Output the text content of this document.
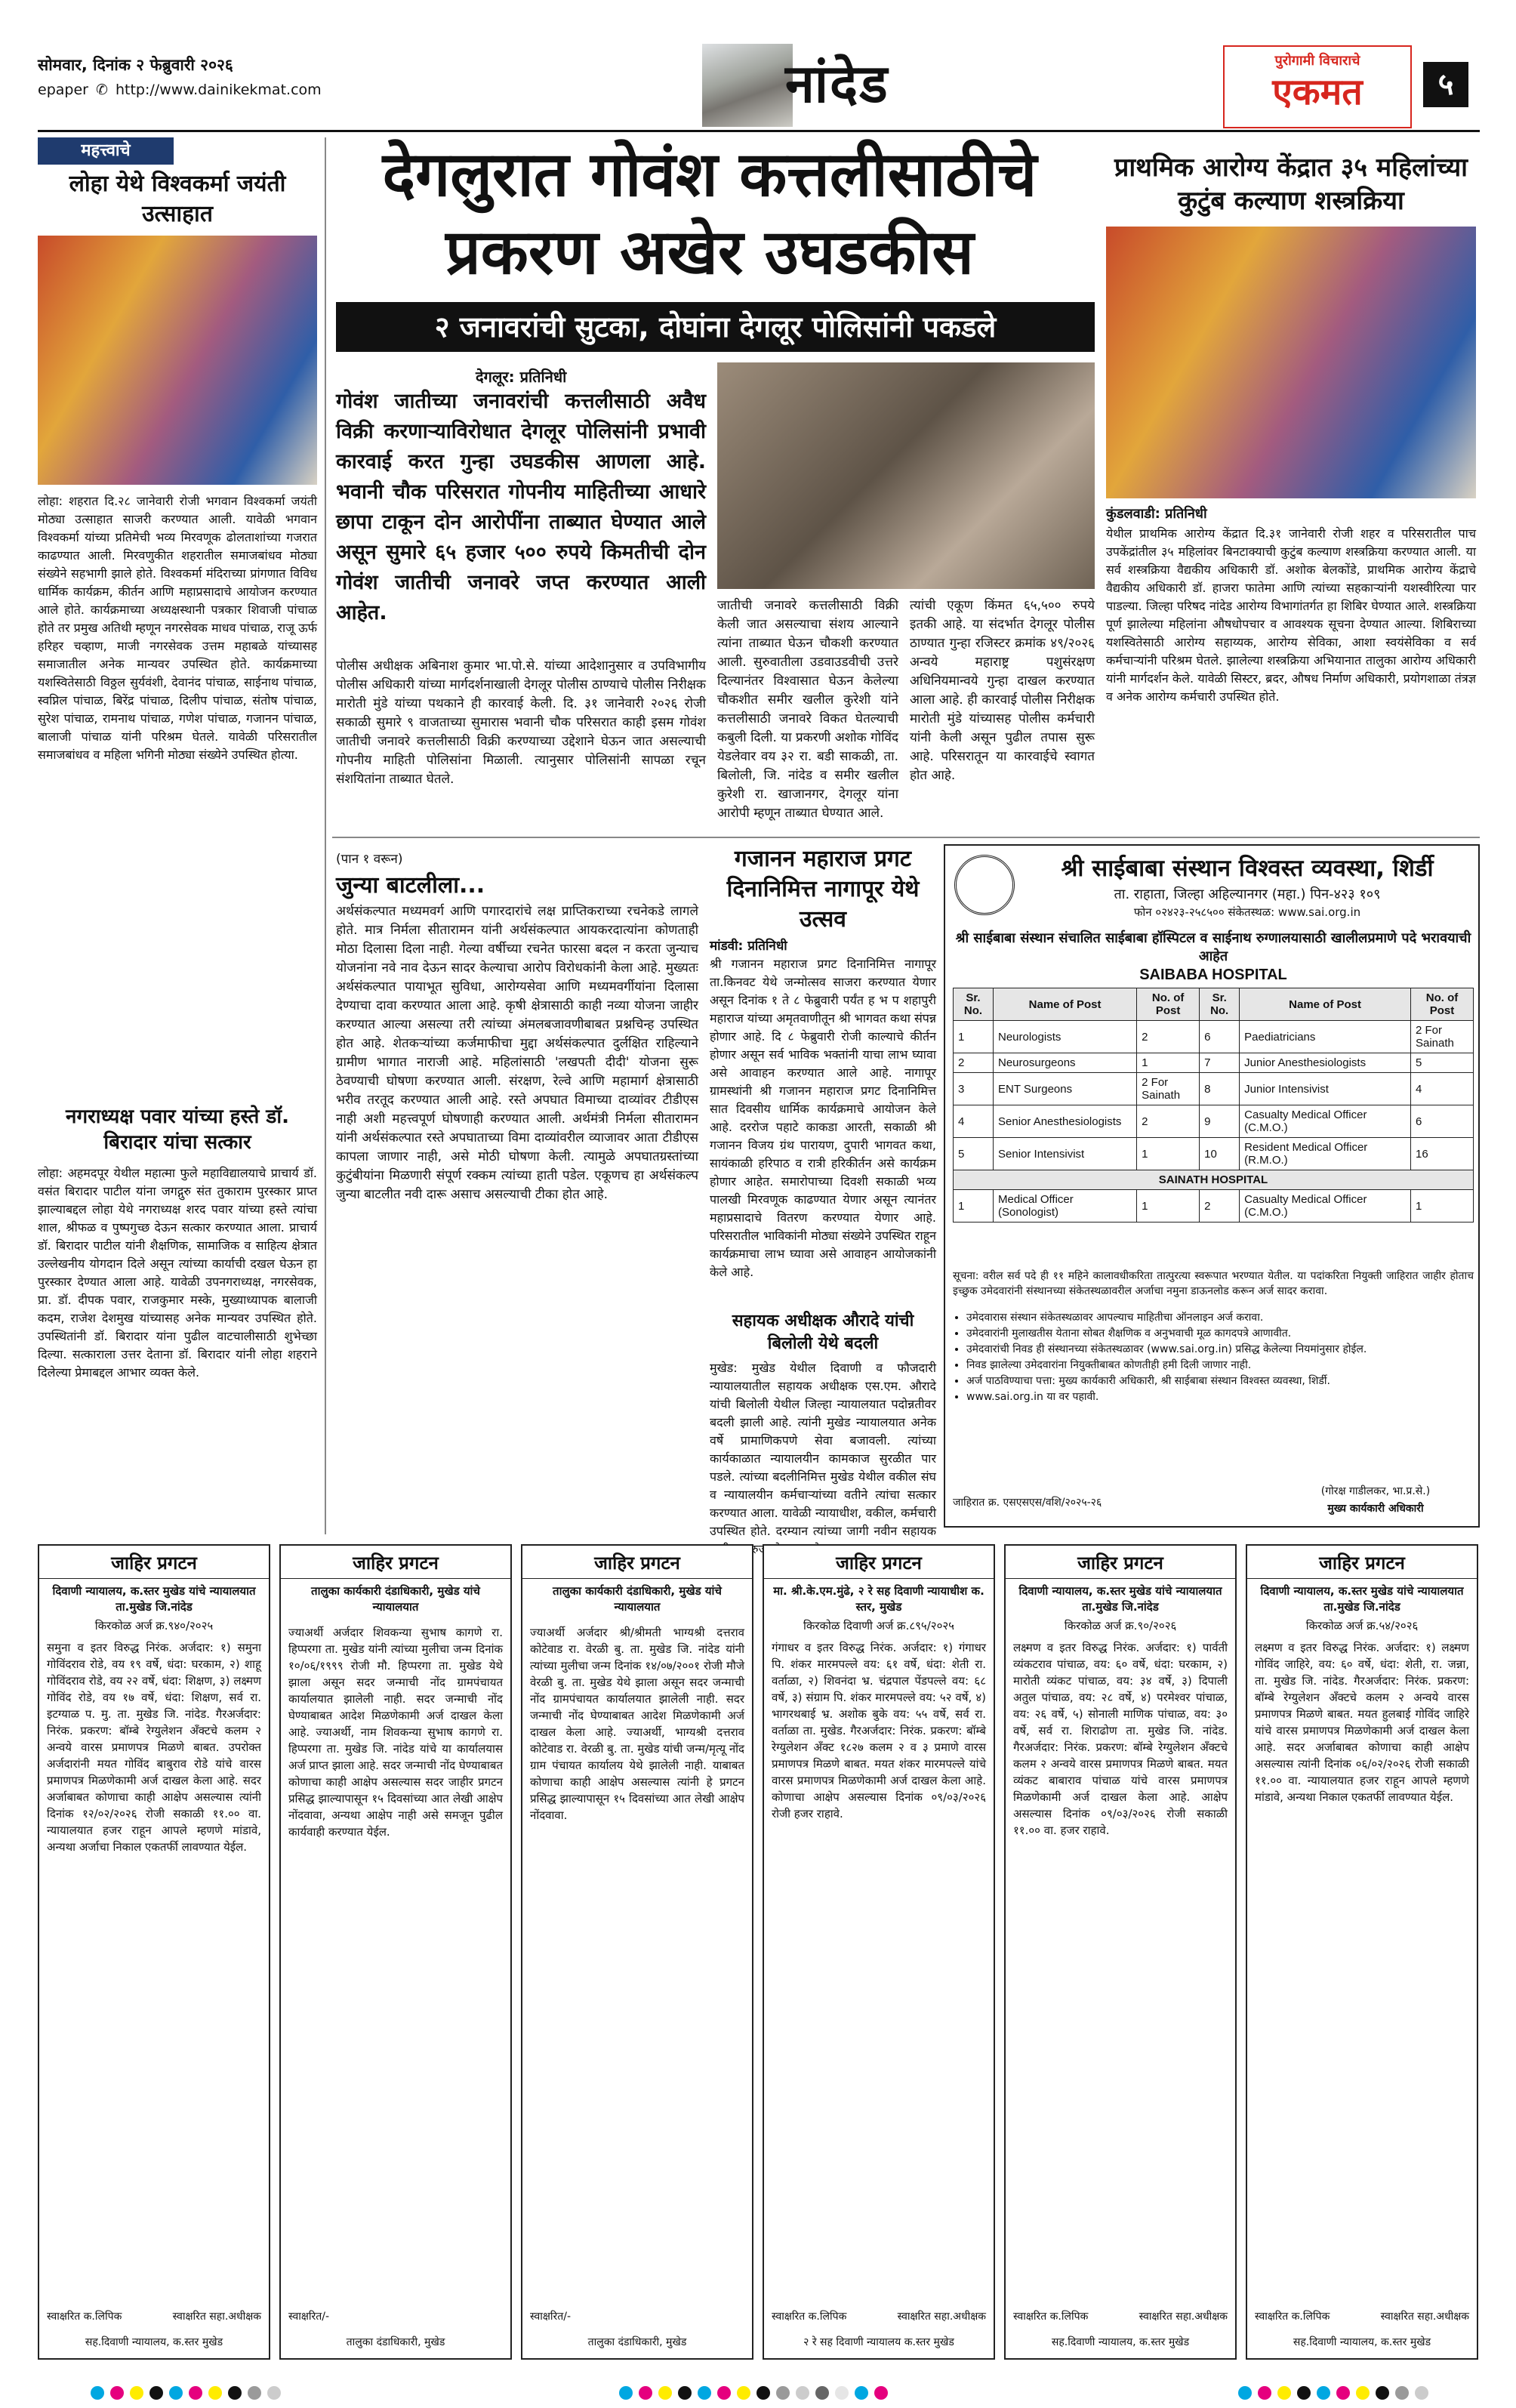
सोमवार, दिनांक २ फेब्रुवारी २०२६
epaper ✆ http://www.dainikekmat.com	नांदेड	पुरोगामी विचाराचे
एकमत	५
महत्त्वाचे
लोहा येथे विश्वकर्मा जयंती उत्साहात
लोहा: शहरात दि.२८ जानेवारी रोजी भगवान विश्वकर्मा जयंती मोठ्या उत्साहात साजरी करण्यात आली. यावेळी भगवान विश्वकर्मा यांच्या प्रतिमेची भव्य मिरवणूक ढोलताशांच्या गजरात काढण्यात आली. मिरवणुकीत शहरातील समाजबांधव मोठ्या संख्येने सहभागी झाले होते. विश्वकर्मा मंदिराच्या प्रांगणात विविध धार्मिक कार्यक्रम, कीर्तन आणि महाप्रसादाचे आयोजन करण्यात आले होते. कार्यक्रमाच्या अध्यक्षस्थानी पत्रकार शिवाजी पांचाळ होते तर प्रमुख अतिथी म्हणून नगरसेवक माधव पांचाळ, राजू ऊर्फ हरिहर चव्हाण, माजी नगरसेवक उत्तम महाबळे यांच्यासह समाजातील अनेक मान्यवर उपस्थित होते. कार्यक्रमाच्या यशस्वितेसाठी विठ्ठल सुर्यवंशी, देवानंद पांचाळ, साईनाथ पांचाळ, स्वप्निल पांचाळ, बिरेंद्र पांचाळ, दिलीप पांचाळ, संतोष पांचाळ, सुरेश पांचाळ, रामनाथ पांचाळ, गणेश पांचाळ, गजानन पांचाळ, बालाजी पांचाळ यांनी परिश्रम घेतले. यावेळी परिसरातील समाजबांधव व महिला भगिनी मोठ्या संख्येने उपस्थित होत्या.
नगराध्यक्ष पवार यांच्या हस्ते डॉ. बिरादार यांचा सत्कार
लोहा: अहमदपूर येथील महात्मा फुले महाविद्यालयाचे प्राचार्य डॉ. वसंत बिरादार पाटील यांना जगद्गुरु संत तुकाराम पुरस्कार प्राप्त झाल्याबद्दल लोहा येथे नगराध्यक्ष शरद पवार यांच्या हस्ते त्यांचा शाल, श्रीफळ व पुष्पगुच्छ देऊन सत्कार करण्यात आला. प्राचार्य डॉ. बिरादार पाटील यांनी शैक्षणिक, सामाजिक व साहित्य क्षेत्रात उल्लेखनीय योगदान दिले असून त्यांच्या कार्याची दखल घेऊन हा पुरस्कार देण्यात आला आहे. यावेळी उपनगराध्यक्ष, नगरसेवक, प्रा. डॉ. दीपक पवार, राजकुमार मस्के, मुख्याध्यापक बालाजी कदम, राजेश देशमुख यांच्यासह अनेक मान्यवर उपस्थित होते. उपस्थितांनी डॉ. बिरादार यांना पुढील वाटचालीसाठी शुभेच्छा दिल्या. सत्काराला उत्तर देताना डॉ. बिरादार यांनी लोहा शहराने दिलेल्या प्रेमाबद्दल आभार व्यक्त केले.
देगलुरात गोवंश कत्तलीसाठीचे
प्रकरण अखेर उघडकीस
२ जनावरांची सुटका, दोघांना देगलूर पोलिसांनी पकडले
देगलूर: प्रतिनिधी
गोवंश जातीच्या जनावरांची कत्तलीसाठी अवैध विक्री करणाऱ्याविरोधात देगलूर पोलिसांनी प्रभावी कारवाई करत गुन्हा उघडकीस आणला आहे. भवानी चौक परिसरात गोपनीय माहितीच्या आधारे छापा टाकून दोन आरोपींना ताब्यात घेण्यात आले असून सुमारे ६५ हजार ५०० रुपये किमतीची दोन गोवंश जातीची जनावरे जप्त करण्यात आली आहेत.
पोलीस अधीक्षक अबिनाश कुमार भा.पो.से. यांच्या आदेशानुसार व उपविभागीय पोलीस अधिकारी यांच्या मार्गदर्शनाखाली देगलूर पोलीस ठाण्याचे पोलीस निरीक्षक मारोती मुंडे यांच्या पथकाने ही कारवाई केली. दि. ३१ जानेवारी २०२६ रोजी सकाळी सुमारे ९ वाजताच्या सुमारास भवानी चौक परिसरात काही इसम गोवंश जातीची जनावरे कत्तलीसाठी विक्री करण्याच्या उद्देशाने घेऊन जात असल्याची गोपनीय माहिती पोलिसांना मिळाली. त्यानुसार पोलिसांनी सापळा रचून संशयितांना ताब्यात घेतले.
जातीची जनावरे कत्तलीसाठी विक्री केली जात असल्याचा संशय आल्याने त्यांना ताब्यात घेऊन चौकशी करण्यात आली. सुरुवातीला उडवाउडवीची उत्तरे दिल्यानंतर विश्वासात घेऊन केलेल्या चौकशीत समीर खलील कुरेशी यांने कत्तलीसाठी जनावरे विकत घेतल्याची कबुली दिली. या प्रकरणी अशोक गोविंद येडलेवार वय ३२ रा. बडी साकळी, ता. बिलोली, जि. नांदेड व समीर खलील कुरेशी रा. खाजानगर, देगलूर यांना आरोपी म्हणून ताब्यात घेण्यात आले.
त्यांची एकूण किंमत ६५,५०० रुपये इतकी आहे. या संदर्भात देगलूर पोलीस ठाण्यात गुन्हा रजिस्टर क्रमांक ४९/२०२६ अन्वये महाराष्ट्र पशुसंरक्षण अधिनियमान्वये गुन्हा दाखल करण्यात आला आहे. ही कारवाई पोलीस निरीक्षक मारोती मुंडे यांच्यासह पोलीस कर्मचारी यांनी केली असून पुढील तपास सुरू आहे. परिसरातून या कारवाईचे स्वागत होत आहे.
प्राथमिक आरोग्य केंद्रात ३५ महिलांच्या कुटुंब कल्याण शस्त्रक्रिया
कुंडलवाडी: प्रतिनिधी
येथील प्राथमिक आरोग्य केंद्रात दि.३१ जानेवारी रोजी शहर व परिसरातील पाच उपकेंद्रांतील ३५ महिलांवर बिनटाक्याची कुटुंब कल्याण शस्त्रक्रिया करण्यात आली. या सर्व शस्त्रक्रिया वैद्यकीय अधिकारी डॉ. अशोक बेलकोंडे, प्राथमिक आरोग्य केंद्राचे वैद्यकीय अधिकारी डॉ. हाजरा फातेमा आणि त्यांच्या सहकाऱ्यांनी यशस्वीरित्या पार पाडल्या. जिल्हा परिषद नांदेड आरोग्य विभागांतर्गत हा शिबिर घेण्यात आले. शस्त्रक्रिया पूर्ण झालेल्या महिलांना औषधोपचार व आवश्यक सूचना देण्यात आल्या. शिबिराच्या यशस्वितेसाठी आरोग्य सहाय्यक, आरोग्य सेविका, आशा स्वयंसेविका व सर्व कर्मचाऱ्यांनी परिश्रम घेतले. झालेल्या शस्त्रक्रिया अभियानात तालुका आरोग्य अधिकारी यांनी मार्गदर्शन केले. यावेळी सिस्टर, ब्रदर, औषध निर्माण अधिकारी, प्रयोगशाळा तंत्रज्ञ व अनेक आरोग्य कर्मचारी उपस्थित होते.
(पान १ वरून)
जुन्या बाटलीला...
अर्थसंकल्पात मध्यमवर्ग आणि पगारदारांचे लक्ष प्राप्तिकराच्या रचनेकडे लागले होते. मात्र निर्मला सीतारामन यांनी अर्थसंकल्पात आयकरदात्यांना कोणताही मोठा दिलासा दिला नाही. गेल्या वर्षीच्या रचनेत फारसा बदल न करता जुन्याच योजनांना नवे नाव देऊन सादर केल्याचा आरोप विरोधकांनी केला आहे. मुख्यतः अर्थसंकल्पात पायाभूत सुविधा, आरोग्यसेवा आणि मध्यमवर्गीयांना दिलासा देण्याचा दावा करण्यात आला आहे. कृषी क्षेत्रासाठी काही नव्या योजना जाहीर करण्यात आल्या असल्या तरी त्यांच्या अंमलबजावणीबाबत प्रश्नचिन्ह उपस्थित होत आहे. शेतकऱ्यांच्या कर्जमाफीचा मुद्दा अर्थसंकल्पात दुर्लक्षित राहिल्याने ग्रामीण भागात नाराजी आहे. महिलांसाठी 'लखपती दीदी' योजना सुरू ठेवण्याची घोषणा करण्यात आली. संरक्षण, रेल्वे आणि महामार्ग क्षेत्रासाठी भरीव तरतूद करण्यात आली आहे. रस्ते अपघात विमाच्या दाव्यांवर टीडीएस नाही अशी महत्त्वपूर्ण घोषणाही करण्यात आली. अर्थमंत्री निर्मला सीतारामन यांनी अर्थसंकल्पात रस्ते अपघाताच्या विमा दाव्यांवरील व्याजावर आता टीडीएस कापला जाणार नाही, असे मोठी घोषणा केली. त्यामुळे अपघातग्रस्तांच्या कुटुंबीयांना मिळणारी संपूर्ण रक्कम त्यांच्या हाती पडेल. एकूणच हा अर्थसंकल्प जुन्या बाटलीत नवी दारू असाच असल्याची टीका होत आहे.
गजानन महाराज प्रगट दिनानिमित्त नागापूर येथे उत्सव
मांडवी: प्रतिनिधी
श्री गजानन महाराज प्रगट दिनानिमित्त नागापूर ता.किनवट येथे जन्मोत्सव साजरा करण्यात येणार असून दिनांक १ ते ८ फेब्रुवारी पर्यंत ह भ प शहापुरी महाराज यांच्या अमृतवाणीतून श्री भागवत कथा संपन्न होणार आहे. दि ८ फेब्रुवारी रोजी काल्याचे कीर्तन होणार असून सर्व भाविक भक्तांनी याचा लाभ घ्यावा असे आवाहन करण्यात आले आहे. नागापूर ग्रामस्थांनी श्री गजानन महाराज प्रगट दिनानिमित्त सात दिवसीय धार्मिक कार्यक्रमाचे आयोजन केले आहे. दररोज पहाटे काकडा आरती, सकाळी श्री गजानन विजय ग्रंथ पारायण, दुपारी भागवत कथा, सायंकाळी हरिपाठ व रात्री हरिकीर्तन असे कार्यक्रम होणार आहेत. समारोपाच्या दिवशी सकाळी भव्य पालखी मिरवणूक काढण्यात येणार असून त्यानंतर महाप्रसादाचे वितरण करण्यात येणार आहे. परिसरातील भाविकांनी मोठ्या संख्येने उपस्थित राहून कार्यक्रमाचा लाभ घ्यावा असे आवाहन आयोजकांनी केले आहे.
सहायक अधीक्षक औरादे यांची बिलोली येथे बदली
मुखेड: मुखेड येथील दिवाणी व फौजदारी न्यायालयातील सहायक अधीक्षक एस.एम. औरादे यांची बिलोली येथील जिल्हा न्यायालयात पदोन्नतीवर बदली झाली आहे. त्यांनी मुखेड न्यायालयात अनेक वर्षे प्रामाणिकपणे सेवा बजावली. त्यांच्या कार्यकाळात न्यायालयीन कामकाज सुरळीत पार पडले. त्यांच्या बदलीनिमित्त मुखेड येथील वकील संघ व न्यायालयीन कर्मचाऱ्यांच्या वतीने त्यांचा सत्कार करण्यात आला. यावेळी न्यायाधीश, वकील, कर्मचारी उपस्थित होते. दरम्यान त्यांच्या जागी नवीन सहायक रुजू
श्री साईबाबा संस्थान विश्वस्त व्यवस्था, शिर्डी
ता. राहाता, जिल्हा अहिल्यानगर (महा.) पिन-४२३ १०९
फोन ०२४२३-२५८५०० संकेतस्थळ: www.sai.org.in
श्री साईबाबा संस्थान संचालित साईबाबा हॉस्पिटल व साईनाथ रुग्णालयासाठी खालीलप्रमाणे पदे भरावयाची आहेत
SAIBABA HOSPITAL
Sr. No.	Name of Post	No. of Post	Sr. No.	Name of Post	No. of Post
1	Neurologists	2	6	Paediatricians	2 For Sainath
2	Neurosurgeons	1	7	Junior Anesthesiologists	5
3	ENT Surgeons	2 For Sainath	8	Junior Intensivist	4
4	Senior Anesthesiologists	2	9	Casualty Medical Officer (C.M.O.)	6
5	Senior Intensivist	1	10	Resident Medical Officer (R.M.O.)	16
SAINATH HOSPITAL					
1	Medical Officer (Sonologist)	1	2	Casualty Medical Officer (C.M.O.)	1
सूचना: वरील सर्व पदे ही ११ महिने कालावधीकरिता तात्पुरत्या स्वरूपात भरण्यात येतील. या पदांकरिता नियुक्ती जाहिरात जाहीर होताच इच्छुक उमेदवारांनी संस्थानच्या संकेतस्थळावरील अर्जाचा नमुना डाऊनलोड करून अर्ज सादर करावा.
• उमेदवारास संस्थान संकेतस्थळावर आपल्याच माहितीचा ऑनलाइन अर्ज करावा.
• उमेदवारांनी मुलाखतीस येताना सोबत शैक्षणिक व अनुभवाची मूळ कागदपत्रे आणावीत.
• उमेदवारांची निवड ही संस्थानच्या संकेतस्थळावर (www.sai.org.in) प्रसिद्ध केलेल्या नियमांनुसार होईल.
• निवड झालेल्या उमेदवारांना नियुक्तीबाबत कोणतीही हमी दिली जाणार नाही.
• अर्ज पाठविण्याचा पत्ता: मुख्य कार्यकारी अधिकारी, श्री साईबाबा संस्थान विश्वस्त व्यवस्था, शिर्डी.
• www.sai.org.in या वर पहावी.
जाहिरात क्र. एसएसएस/वशि/२०२५-२६
(गोरक्ष गाडीलकर, भा.प्र.से.)
मुख्य कार्यकारी अधिकारी
जाहिर प्रगटन
दिवाणी न्यायालय, क.स्तर मुखेड यांचे न्यायालयात ता.मुखेड जि.नांदेड
किरकोळ अर्ज क्र.९४०/२०२५
समुना व इतर विरुद्ध निरंक. अर्जदार: १) समुना गोविंदराव रोडे, वय १९ वर्षे, धंदा: घरकाम, २) शाहू गोविंदराव रोडे, वय २२ वर्षे, धंदा: शिक्षण, ३) लक्ष्मण गोविंद रोडे, वय १७ वर्षे, धंदा: शिक्षण, सर्व रा. इटग्याळ प. मु. ता. मुखेड जि. नांदेड. गैरअर्जदार: निरंक. प्रकरण: बॉम्बे रेग्युलेशन अँक्टचे कलम २ अन्वये वारस प्रमाणपत्र मिळणे बाबत. उपरोक्त अर्जदारांनी मयत गोविंद बाबुराव रोडे यांचे वारस प्रमाणपत्र मिळणेकामी अर्ज दाखल केला आहे. सदर अर्जाबाबत कोणाचा काही आक्षेप असल्यास त्यांनी दिनांक १२/०२/२०२६ रोजी सकाळी ११.०० वा. न्यायालयात हजर राहून आपले म्हणणे मांडावे, अन्यथा अर्जाचा निकाल एकतर्फी लावण्यात येईल.
स्वाक्षरित क.लिपिक	स्वाक्षरित सहा.अधीक्षक
सह.दिवाणी न्यायालय, क.स्तर मुखेड
जाहिर प्रगटन
तालुका कार्यकारी दंडाधिकारी, मुखेड यांचे न्यायालयात
ज्याअर्थी अर्जदार शिवकन्या सुभाष कागणे रा. हिप्परगा ता. मुखेड यांनी त्यांच्या मुलीचा जन्म दिनांक १०/०६/१९९९ रोजी मौ. हिप्परगा ता. मुखेड येथे झाला असून सदर जन्माची नोंद ग्रामपंचायत कार्यालयात झालेली नाही. सदर जन्माची नोंद घेण्याबाबत आदेश मिळणेकामी अर्ज दाखल केला आहे. ज्याअर्थी, नाम शिवकन्या सुभाष कागणे रा. हिप्परगा ता. मुखेड जि. नांदेड यांचे या कार्यालयास अर्ज प्राप्त झाला आहे. सदर जन्माची नोंद घेण्याबाबत कोणाचा काही आक्षेप असल्यास सदर जाहीर प्रगटन प्रसिद्ध झाल्यापासून १५ दिवसांच्या आत लेखी आक्षेप नोंदवावा, अन्यथा आक्षेप नाही असे समजून पुढील कार्यवाही करण्यात येईल.
स्वाक्षरित/-
तालुका दंडाधिकारी, मुखेड
जाहिर प्रगटन
तालुका कार्यकारी दंडाधिकारी, मुखेड यांचे न्यायालयात
ज्याअर्थी अर्जदार श्री/श्रीमती भाग्यश्री दत्तराव कोटेवाड रा. वेरळी बु. ता. मुखेड जि. नांदेड यांनी त्यांच्या मुलीचा जन्म दिनांक १४/०७/२००१ रोजी मौजे वेरळी बु. ता. मुखेड येथे झाला असून सदर जन्माची नोंद ग्रामपंचायत कार्यालयात झालेली नाही. सदर जन्माची नोंद घेण्याबाबत आदेश मिळणेकामी अर्ज दाखल केला आहे. ज्याअर्थी, भाग्यश्री दत्तराव कोटेवाड रा. वेरळी बु. ता. मुखेड यांची जन्म/मृत्यू नोंद ग्राम पंचायत कार्यालय येथे झालेली नाही. याबाबत कोणाचा काही आक्षेप असल्यास त्यांनी हे प्रगटन प्रसिद्ध झाल्यापासून १५ दिवसांच्या आत लेखी आक्षेप नोंदवावा.
स्वाक्षरित/-
तालुका दंडाधिकारी, मुखेड
जाहिर प्रगटन
मा. श्री.के.एम.मुंढे, २ रे सह दिवाणी न्यायाधीश क. स्तर, मुखेड
किरकोळ दिवाणी अर्ज क्र.८९५/२०२५
गंगाधर व इतर विरुद्ध निरंक. अर्जदार: १) गंगाधर पि. शंकर मारमपल्ले वय: ६१ वर्षे, धंदा: शेती रा. वर्ताळा, २) शिवनंदा भ्र. चंद्रपाल पेंडपल्ले वय: ६८ वर्षे, ३) संग्राम पि. शंकर मारमपल्ले वय: ५२ वर्षे, ४) भागरथबाई भ्र. अशोक बुके वय: ५५ वर्षे, सर्व रा. वर्ताळा ता. मुखेड. गैरअर्जदार: निरंक. प्रकरण: बॉम्बे रेग्युलेशन अँक्ट १८२७ कलम २ व ३ प्रमाणे वारस प्रमाणपत्र मिळणे बाबत. मयत शंकर मारमपल्ले यांचे वारस प्रमाणपत्र मिळणेकामी अर्ज दाखल केला आहे. कोणाचा आक्षेप असल्यास दिनांक ०९/०३/२०२६ रोजी हजर राहावे.
स्वाक्षरित क.लिपिक	स्वाक्षरित सहा.अधीक्षक
२ रे सह दिवाणी न्यायालय क.स्तर मुखेड
जाहिर प्रगटन
दिवाणी न्यायालय, क.स्तर मुखेड यांचे न्यायालयात ता.मुखेड जि.नांदेड
किरकोळ अर्ज क्र.९०/२०२६
लक्ष्मण व इतर विरुद्ध निरंक. अर्जदार: १) पार्वती व्यंकटराव पांचाळ, वय: ६० वर्षे, धंदा: घरकाम, २) मारोती व्यंकट पांचाळ, वय: ३४ वर्षे, ३) दिपाली अतुल पांचाळ, वय: २८ वर्षे, ४) परमेश्वर पांचाळ, वय: २६ वर्षे, ५) सोनाली माणिक पांचाळ, वय: ३० वर्षे, सर्व रा. शिराढोण ता. मुखेड जि. नांदेड. गैरअर्जदार: निरंक. प्रकरण: बॉम्बे रेग्युलेशन अँक्टचे कलम २ अन्वये वारस प्रमाणपत्र मिळणे बाबत. मयत व्यंकट बाबाराव पांचाळ यांचे वारस प्रमाणपत्र मिळणेकामी अर्ज दाखल केला आहे. आक्षेप असल्यास दिनांक ०९/०३/२०२६ रोजी सकाळी ११.०० वा. हजर राहावे.
स्वाक्षरित क.लिपिक	स्वाक्षरित सहा.अधीक्षक
सह.दिवाणी न्यायालय, क.स्तर मुखेड
जाहिर प्रगटन
दिवाणी न्यायालय, क.स्तर मुखेड यांचे न्यायालयात ता.मुखेड जि.नांदेड
किरकोळ अर्ज क्र.५४/२०२६
लक्ष्मण व इतर विरुद्ध निरंक. अर्जदार: १) लक्ष्मण गोविंद जाहिरे, वय: ६० वर्षे, धंदा: शेती, रा. जन्ना, ता. मुखेड जि. नांदेड. गैरअर्जदार: निरंक. प्रकरण: बॉम्बे रेग्युलेशन अँक्टचे कलम २ अन्वये वारस प्रमाणपत्र मिळणे बाबत. मयत हुलबाई गोविंद जाहिरे यांचे वारस प्रमाणपत्र मिळणेकामी अर्ज दाखल केला आहे. सदर अर्जाबाबत कोणाचा काही आक्षेप असल्यास त्यांनी दिनांक ०६/०२/२०२६ रोजी सकाळी ११.०० वा. न्यायालयात हजर राहून आपले म्हणणे मांडावे, अन्यथा निकाल एकतर्फी लावण्यात येईल.
स्वाक्षरित क.लिपिक	स्वाक्षरित सहा.अधीक्षक
सह.दिवाणी न्यायालय, क.स्तर मुखेड
